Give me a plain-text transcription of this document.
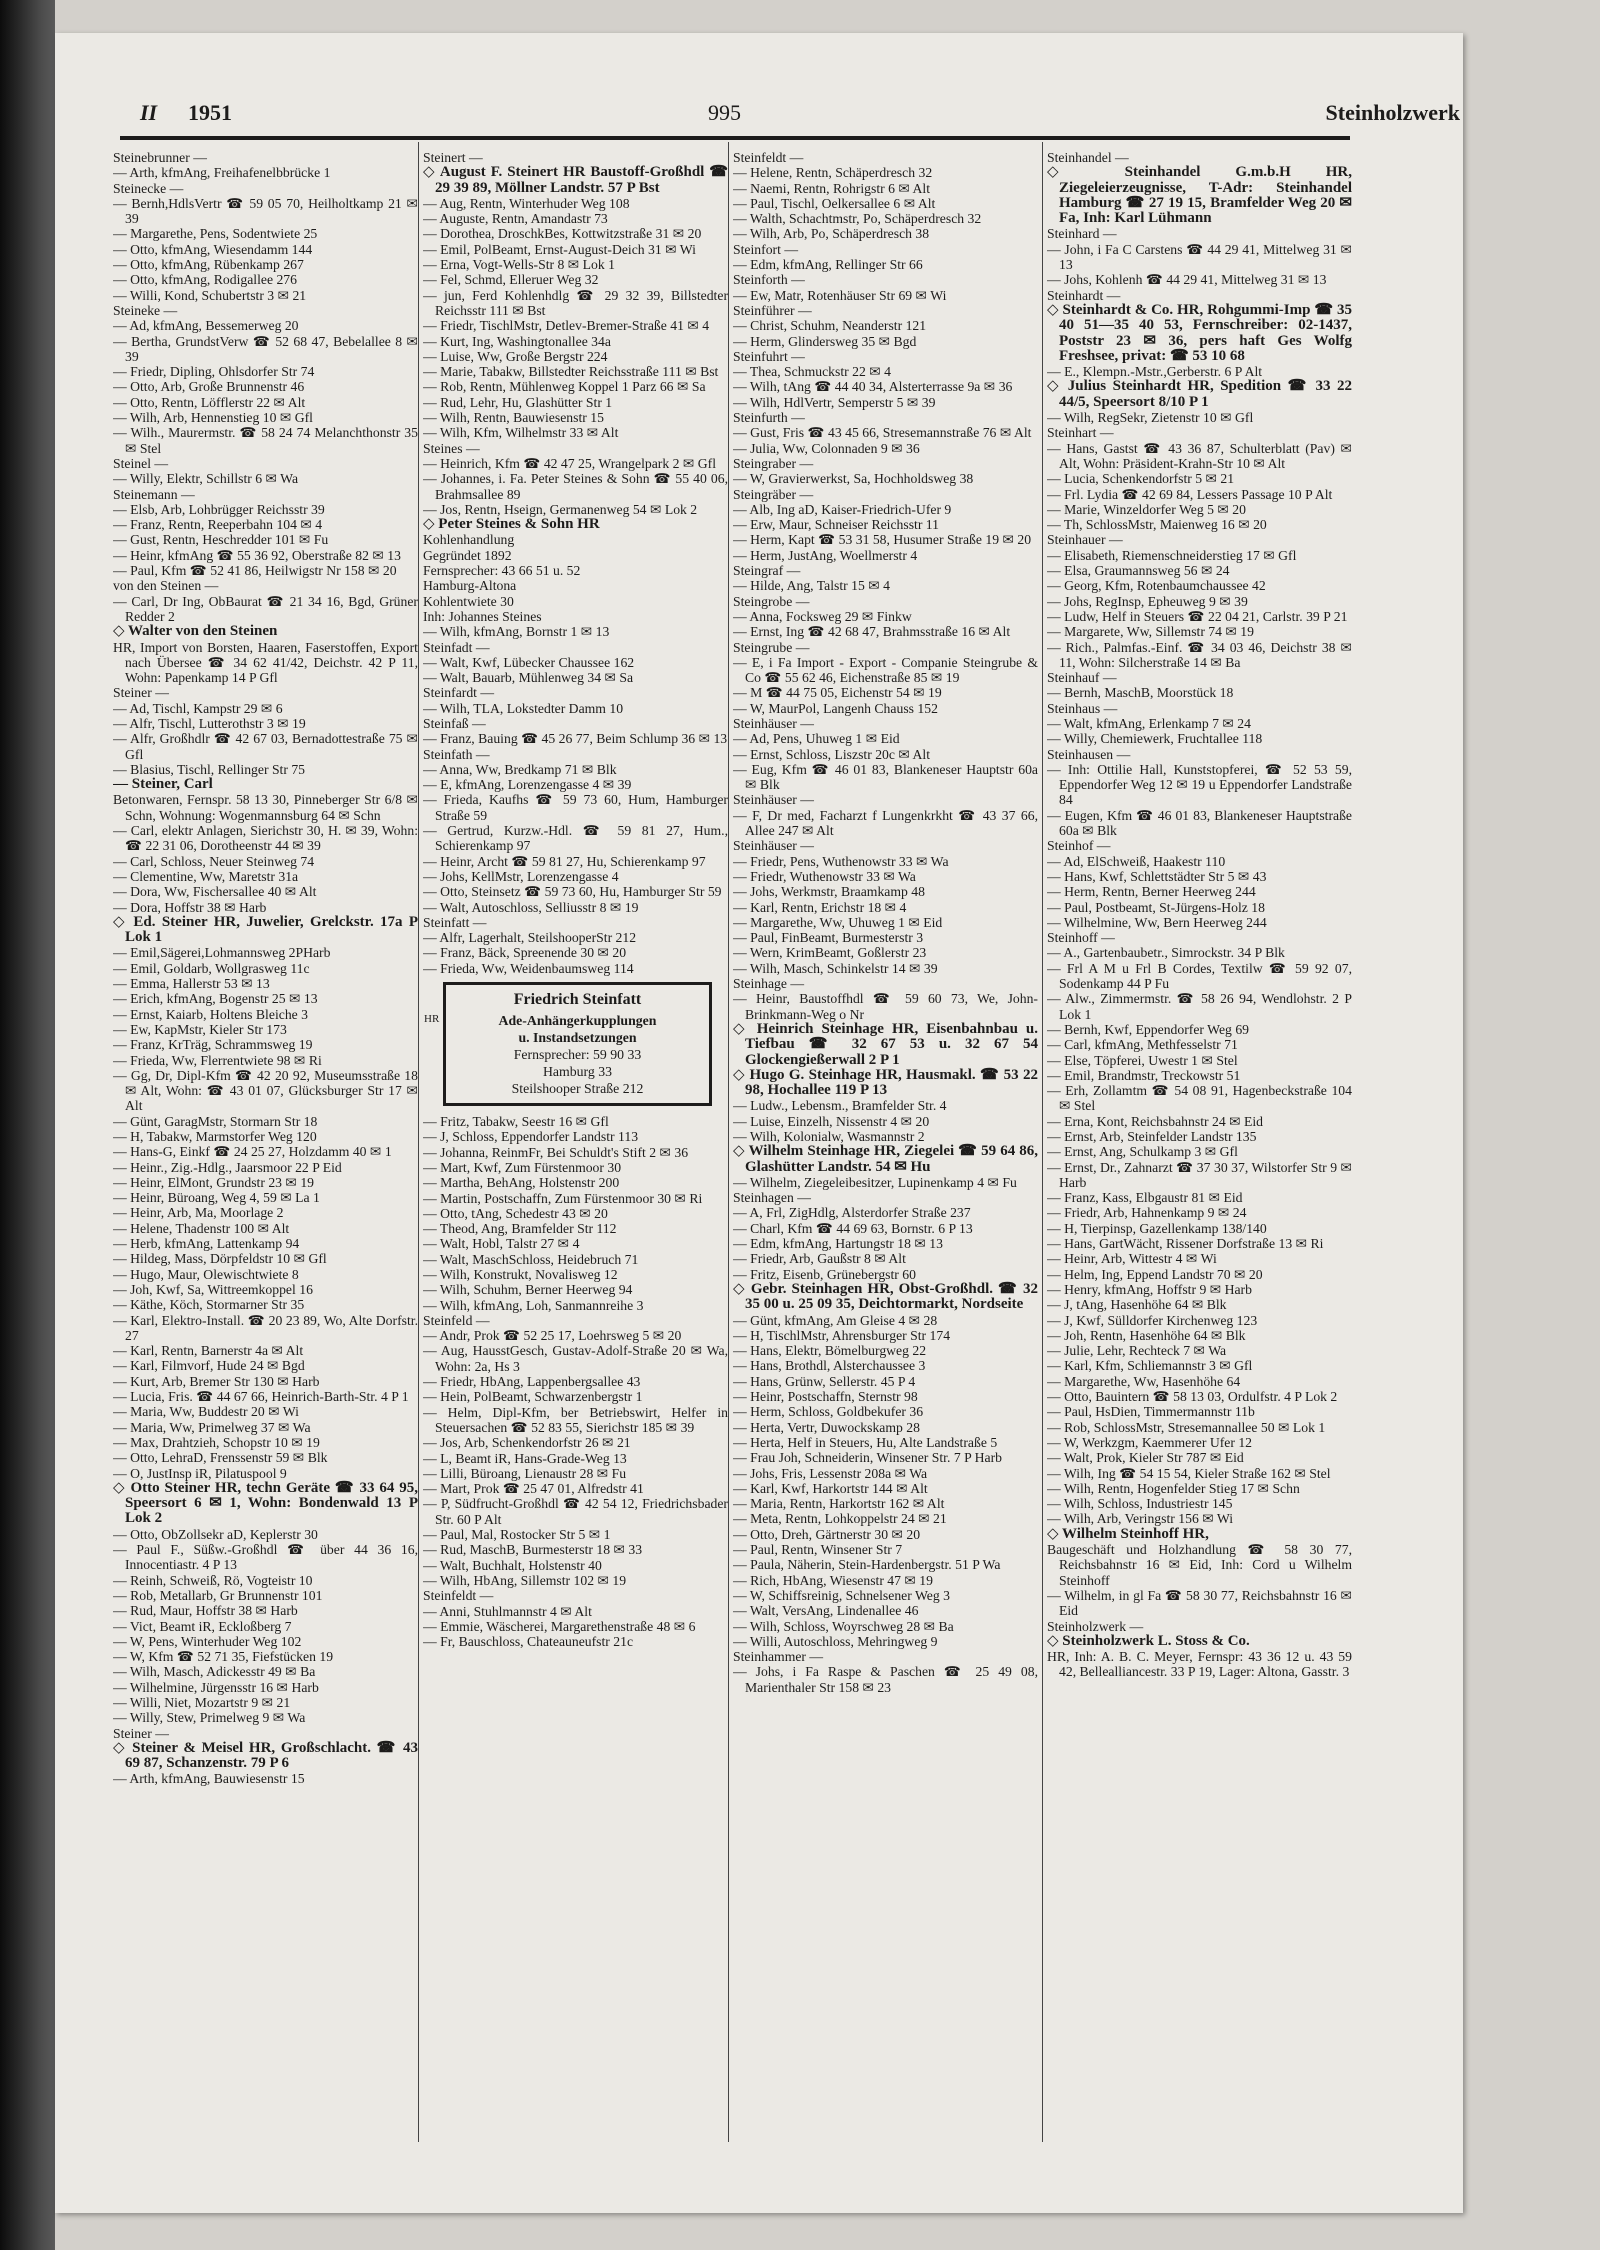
II 1951	995	Steinholzwerk

Steinebrunner —

— Arth, kfmAng, Freihafenelbbrücke 1

Steinecke —

— Bernh,HdlsVertr ☎ 59 05 70, Heilholtkamp 21 ✉ 39

— Margarethe, Pens, Sodentwiete 25

— Otto, kfmAng, Wiesendamm 144

— Otto, kfmAng, Rübenkamp 267

— Otto, kfmAng, Rodigallee 276

— Willi, Kond, Schubertstr 3 ✉ 21

Steineke —

— Ad, kfmAng, Bessemerweg 20

— Bertha, GrundstVerw ☎ 52 68 47, Bebelallee 8 ✉ 39

— Friedr, Dipling, Ohlsdorfer Str 74

— Otto, Arb, Große Brunnenstr 46

— Otto, Rentn, Löfflerstr 22 ✉ Alt

— Wilh, Arb, Hennenstieg 10 ✉ Gfl

— Wilh., Maurermstr. ☎ 58 24 74 Melanchthonstr 35 ✉ Stel

Steinel —

— Willy, Elektr, Schillstr 6 ✉ Wa

Steinemann —

— Elsb, Arb, Lohbrügger Reichsstr 39

— Franz, Rentn, Reeperbahn 104 ✉ 4

— Gust, Rentn, Heschredder 101 ✉ Fu

— Heinr, kfmAng ☎ 55 36 92, Oberstraße 82 ✉ 13

— Paul, Kfm ☎ 52 41 86, Heilwigstr Nr 158 ✉ 20

von den Steinen —

— Carl, Dr Ing, ObBaurat ☎ 21 34 16, Bgd, Grüner Redder 2

◇ Walter von den Steinen

HR, Import von Borsten, Haaren, Faserstoffen, Export nach Übersee ☎ 34 62 41/42, Deichstr. 42 P 11, Wohn: Papenkamp 14 P Gfl

Steiner —

— Ad, Tischl, Kampstr 29 ✉ 6

— Alfr, Tischl, Lutterothstr 3 ✉ 19

— Alfr, Großhdlr ☎ 42 67 03, Bernadottestraße 75 ✉ Gfl

— Blasius, Tischl, Rellinger Str 75

— Steiner, Carl

Betonwaren, Fernspr. 58 13 30, Pinneberger Str 6/8 ✉ Schn, Wohnung: Wogenmannsburg 64 ✉ Schn

— Carl, elektr Anlagen, Sierichstr 30, H. ✉ 39, Wohn: ☎ 22 31 06, Dorotheenstr 44 ✉ 39

— Carl, Schloss, Neuer Steinweg 74

— Clementine, Ww, Maretstr 31a

— Dora, Ww, Fischersallee 40 ✉ Alt

— Dora, Hoffstr 38 ✉ Harb

◇ Ed. Steiner HR, Juwelier, Grelckstr. 17a P Lok 1

— Emil,Sägerei,Lohmannsweg 2PHarb

— Emil, Goldarb, Wollgrasweg 11c

— Emma, Hallerstr 53 ✉ 13

— Erich, kfmAng, Bogenstr 25 ✉ 13

— Ernst, Kaiarb, Holtens Bleiche 3

— Ew, KapMstr, Kieler Str 173

— Franz, KrTräg, Schrammsweg 19

— Frieda, Ww, Flerrentwiete 98 ✉ Ri

— Gg, Dr, Dipl-Kfm ☎ 42 20 92, Museumsstraße 18 ✉ Alt, Wohn: ☎ 43 01 07, Glücksburger Str 17 ✉ Alt

— Günt, GaragMstr, Stormarn Str 18

— H, Tabakw, Marmstorfer Weg 120

— Hans-G, Einkf ☎ 24 25 27, Holzdamm 40 ✉ 1

— Heinr., Zig.-Hdlg., Jaarsmoor 22 P Eid

— Heinr, ElMont, Grundstr 23 ✉ 19

— Heinr, Büroang, Weg 4, 59 ✉ La 1

— Heinr, Arb, Ma, Moorlage 2

— Helene, Thadenstr 100 ✉ Alt

— Herb, kfmAng, Lattenkamp 94

— Hildeg, Mass, Dörpfeldstr 10 ✉ Gfl

— Hugo, Maur, Olewischtwiete 8

— Joh, Kwf, Sa, Wittreemkoppel 16

— Käthe, Köch, Stormarner Str 35

— Karl, Elektro-Install. ☎ 20 23 89, Wo, Alte Dorfstr. 27

— Karl, Rentn, Barnerstr 4a ✉ Alt

— Karl, Filmvorf, Hude 24 ✉ Bgd

— Kurt, Arb, Bremer Str 130 ✉ Harb

— Lucia, Fris. ☎ 44 67 66, Heinrich-Barth-Str. 4 P 1

— Maria, Ww, Buddestr 20 ✉ Wi

— Maria, Ww, Primelweg 37 ✉ Wa

— Max, Drahtzieh, Schopstr 10 ✉ 19

— Otto, LehraD, Frenssenstr 59 ✉ Blk

— O, JustInsp iR, Pilatuspool 9

◇ Otto Steiner HR, techn Geräte ☎ 33 64 95, Speersort 6 ✉ 1, Wohn: Bondenwald 13 P Lok 2

— Otto, ObZollsekr aD, Keplerstr 30

— Paul F., Süßw.-Großhdl ☎ über 44 36 16, Innocentiastr. 4 P 13

— Reinh, Schweiß, Rö, Vogteistr 10

— Rob, Metallarb, Gr Brunnenstr 101

— Rud, Maur, Hoffstr 38 ✉ Harb

— Vict, Beamt iR, Eckloßberg 7

— W, Pens, Winterhuder Weg 102

— W, Kfm ☎ 52 71 35, Fiefstücken 19

— Wilh, Masch, Adickesstr 49 ✉ Ba

— Wilhelmine, Jürgensstr 16 ✉ Harb

— Willi, Niet, Mozartstr 9 ✉ 21

— Willy, Stew, Primelweg 9 ✉ Wa

Steiner —

◇ Steiner & Meisel HR, Großschlacht. ☎ 43 69 87, Schanzenstr. 79 P 6

— Arth, kfmAng, Bauwiesenstr 15

Steinert —

◇ August F. Steinert HR Baustoff-Großhdl ☎ 29 39 89, Möllner Landstr. 57 P Bst

— Aug, Rentn, Winterhuder Weg 108

— Auguste, Rentn, Amandastr 73

— Dorothea, DroschkBes, Kottwitzstraße 31 ✉ 20

— Emil, PolBeamt, Ernst-August-Deich 31 ✉ Wi

— Erna, Vogt-Wells-Str 8 ✉ Lok 1

— Fel, Schmd, Elleruer Weg 32

— jun, Ferd Kohlenhdlg ☎ 29 32 39, Billstedter Reichsstr 111 ✉ Bst

— Friedr, TischlMstr, Detlev-Bremer-Straße 41 ✉ 4

— Kurt, Ing, Washingtonallee 34a

— Luise, Ww, Große Bergstr 224

— Marie, Tabakw, Billstedter Reichsstraße 111 ✉ Bst

— Rob, Rentn, Mühlenweg Koppel 1 Parz 66 ✉ Sa

— Rud, Lehr, Hu, Glashütter Str 1

— Wilh, Rentn, Bauwiesenstr 15

— Wilh, Kfm, Wilhelmstr 33 ✉ Alt

Steines —

— Heinrich, Kfm ☎ 42 47 25, Wrangelpark 2 ✉ Gfl

— Johannes, i. Fa. Peter Steines & Sohn ☎ 55 40 06, Brahmsallee 89

— Jos, Rentn, Hseign, Germanenweg 54 ✉ Lok 2

◇ Peter Steines & Sohn HR

Kohlenhandlung

Gegründet 1892

Fernsprecher: 43 66 51 u. 52

Hamburg-Altona

Kohlentwiete 30

Inh: Johannes Steines

— Wilh, kfmAng, Bornstr 1 ✉ 13

Steinfadt —

— Walt, Kwf, Lübecker Chaussee 162

— Walt, Bauarb, Mühlenweg 34 ✉ Sa

Steinfardt —

— Wilh, TLA, Lokstedter Damm 10

Steinfaß —

— Franz, Bauing ☎ 45 26 77, Beim Schlump 36 ✉ 13

Steinfath —

— Anna, Ww, Bredkamp 71 ✉ Blk

— E, kfmAng, Lorenzengasse 4 ✉ 39

— Frieda, Kaufhs ☎ 59 73 60, Hum, Hamburger Straße 59

— Gertrud, Kurzw.-Hdl. ☎ 59 81 27, Hum., Schierenkamp 97

— Heinr, Archt ☎ 59 81 27, Hu, Schierenkamp 97

— Johs, KellMstr, Lorenzengasse 4

— Otto, Steinsetz ☎ 59 73 60, Hu, Hamburger Str 59

— Walt, Autoschloss, Selliusstr 8 ✉ 19

Steinfatt —

— Alfr, Lagerhalt, SteilshooperStr 212

— Franz, Bäck, Spreenende 30 ✉ 20

— Frieda, Ww, Weidenbaumsweg 114

HR
Friedrich Steinfatt
Ade-Anhängerkupplungen
u. Instandsetzungen
Fernsprecher: 59 90 33
Hamburg 33
Steilshooper Straße 212

— Fritz, Tabakw, Seestr 16 ✉ Gfl

— J, Schloss, Eppendorfer Landstr 113

— Johanna, ReinmFr, Bei Schuldt's Stift 2 ✉ 36

— Mart, Kwf, Zum Fürstenmoor 30

— Martha, BehAng, Holstenstr 200

— Martin, Postschaffn, Zum Fürstenmoor 30 ✉ Ri

— Otto, tAng, Schedestr 43 ✉ 20

— Theod, Ang, Bramfelder Str 112

— Walt, Hobl, Talstr 27 ✉ 4

— Walt, MaschSchloss, Heidebruch 71

— Wilh, Konstrukt, Novalisweg 12

— Wilh, Schuhm, Berner Heerweg 94

— Wilh, kfmAng, Loh, Sanmannreihe 3

Steinfeld —

— Andr, Prok ☎ 52 25 17, Loehrsweg 5 ✉ 20

— Aug, HausstGesch, Gustav-Adolf-Straße 20 ✉ Wa, Wohn: 2a, Hs 3

— Friedr, HbAng, Lappenbergsallee 43

— Hein, PolBeamt, Schwarzenbergstr 1

— Helm, Dipl-Kfm, ber Betriebswirt, Helfer in Steuersachen ☎ 52 83 55, Sierichstr 185 ✉ 39

— Jos, Arb, Schenkendorfstr 26 ✉ 21

— L, Beamt iR, Hans-Grade-Weg 13

— Lilli, Büroang, Lienaustr 28 ✉ Fu

— Mart, Prok ☎ 25 47 01, Alfredstr 41

— P, Südfrucht-Großhdl ☎ 42 54 12, Friedrichsbader Str. 60 P Alt

— Paul, Mal, Rostocker Str 5 ✉ 1

— Rud, MaschB, Burmesterstr 18 ✉ 33

— Walt, Buchhalt, Holstenstr 40

— Wilh, HbAng, Sillemstr 102 ✉ 19

Steinfeldt —

— Anni, Stuhlmannstr 4 ✉ Alt

— Emmie, Wäscherei, Margarethenstraße 48 ✉ 6

— Fr, Bauschloss, Chateaunеufstr 21c

Steinfeldt —

— Helene, Rentn, Schäperdresch 32

— Naemi, Rentn, Rohrigstr 6 ✉ Alt

— Paul, Tischl, Oelkersallee 6 ✉ Alt

— Walth, Schachtmstr, Po, Schäperdresch 32

— Wilh, Arb, Po, Schäperdresch 38

Steinfort —

— Edm, kfmAng, Rellinger Str 66

Steinforth —

— Ew, Matr, Rotenhäuser Str 69 ✉ Wi

Steinführer —

— Christ, Schuhm, Neanderstr 121

— Herm, Glindersweg 35 ✉ Bgd

Steinfuhrt —

— Thea, Schmuckstr 22 ✉ 4

— Wilh, tAng ☎ 44 40 34, Alsterterrasse 9a ✉ 36

— Wilh, HdlVertr, Semperstr 5 ✉ 39

Steinfurth —

— Gust, Fris ☎ 43 45 66, Stresemannstraße 76 ✉ Alt

— Julia, Ww, Colonnaden 9 ✉ 36

Steingraber —

— W, Gravierwerkst, Sa, Hochholdsweg 38

Steingräber —

— Alb, Ing aD, Kaiser-Friedrich-Ufer 9

— Erw, Maur, Schneiser Reichsstr 11

— Herm, Kapt ☎ 53 31 58, Husumer Straße 19 ✉ 20

— Herm, JustAng, Woellmerstr 4

Steingraf —

— Hilde, Ang, Talstr 15 ✉ 4

Steingrobe —

— Anna, Focksweg 29 ✉ Finkw

— Ernst, Ing ☎ 42 68 47, Brahmsstraße 16 ✉ Alt

Steingrube —

— E, i Fa Import - Export - Companie Steingrube & Co ☎ 55 62 46, Eichenstraße 85 ✉ 19

— M ☎ 44 75 05, Eichenstr 54 ✉ 19

— W, MaurPol, Langenh Chauss 152

Steinhäuser —

— Ad, Pens, Uhuweg 1 ✉ Eid

— Ernst, Schloss, Liszstr 20c ✉ Alt

— Eug, Kfm ☎ 46 01 83, Blankeneser Hauptstr 60a ✉ Blk

Steinhäuser —

— F, Dr med, Facharzt f Lungenkrkht ☎ 43 37 66, Allee 247 ✉ Alt

Steinhäuser —

— Friedr, Pens, Wuthenowstr 33 ✉ Wa

— Friedr, Wuthenowstr 33 ✉ Wa

— Johs, Werkmstr, Braamkamp 48

— Karl, Rentn, Erichstr 18 ✉ 4

— Margarethe, Ww, Uhuweg 1 ✉ Eid

— Paul, FinBeamt, Burmesterstr 3

— Wern, KrimBeamt, Goßlerstr 23

— Wilh, Masch, Schinkelstr 14 ✉ 39

Steinhage —

— Heinr, Baustoffhdl ☎ 59 60 73, We, John-Brinkmann-Weg o Nr

◇ Heinrich Steinhage HR, Eisenbahnbau u. Tiefbau ☎ 32 67 53 u. 32 67 54 Glockengießerwall 2 P 1

◇ Hugo G. Steinhage HR, Hausmakl. ☎ 53 22 98, Hochallee 119 P 13

— Ludw., Lebensm., Bramfelder Str. 4

— Luise, Einzelh, Nissenstr 4 ✉ 20

— Wilh, Kolonialw, Wasmannstr 2

◇ Wilhelm Steinhage HR, Ziegelei ☎ 59 64 86, Glashütter Landstr. 54 ✉ Hu

— Wilhelm, Ziegeleibesitzer, Lupinenkamp 4 ✉ Fu

Steinhagen —

— A, Frl, ZigHdlg, Alsterdorfer Straße 237

— Charl, Kfm ☎ 44 69 63, Bornstr. 6 P 13

— Edm, kfmAng, Hartungstr 18 ✉ 13

— Friedr, Arb, Gaußstr 8 ✉ Alt

— Fritz, Eisenb, Grünebergstr 60

◇ Gebr. Steinhagen HR, Obst-Großhdl. ☎ 32 35 00 u. 25 09 35, Deichtormarkt, Nordseite

— Günt, kfmAng, Am Gleise 4 ✉ 28

— H, TischlMstr, Ahrensburger Str 174

— Hans, Elektr, Bömelburgweg 22

— Hans, Brothdl, Alsterchaussee 3

— Hans, Grünw, Sellerstr. 45 P 4

— Heinr, Postschaffn, Sternstr 98

— Herm, Schloss, Goldbekufer 36

— Herta, Vertr, Duwockskamp 28

— Herta, Helf in Steuers, Hu, Alte Landstraße 5

— Frau Joh, Schneiderin, Winsener Str. 7 P Harb

— Johs, Fris, Lessenstr 208a ✉ Wa

— Karl, Kwf, Harkortstr 144 ✉ Alt

— Maria, Rentn, Harkortstr 162 ✉ Alt

— Meta, Rentn, Lohkoppelstr 24 ✉ 21

— Otto, Dreh, Gärtnerstr 30 ✉ 20

— Paul, Rentn, Winsener Str 7

— Paula, Näherin, Stein-Hardenbergstr. 51 P Wa

— Rich, HbAng, Wiesenstr 47 ✉ 19

— W, Schiffsreinig, Schnelsener Weg 3

— Walt, VersAng, Lindenallee 46

— Wilh, Schloss, Woyrschweg 28 ✉ Ba

— Willi, Autoschloss, Mehringweg 9

Steinhammer —

— Johs, i Fa Raspe & Paschen ☎ 25 49 08, Marienthaler Str 158 ✉ 23

Steinhandel —

◇ Steinhandel G.m.b.H HR, Ziegeleierzeugnisse, T-Adr: Steinhandel Hamburg ☎ 27 19 15, Bramfelder Weg 20 ✉ Fa, Inh: Karl Lühmann

Steinhard —

— John, i Fa C Carstens ☎ 44 29 41, Mittelweg 31 ✉ 13

— Johs, Kohlenh ☎ 44 29 41, Mittelweg 31 ✉ 13

Steinhardt —

◇ Steinhardt & Co. HR, Rohgummi-Imp ☎ 35 40 51—35 40 53, Fernschreiber: 02-1437, Poststr 23 ✉ 36, pers haft Ges Wolfg Freshsee, privat: ☎ 53 10 68

— E., Klempn.-Mstr.,Gerberstr. 6 P Alt

◇ Julius Steinhardt HR, Spedition ☎ 33 22 44/5, Speersort 8/10 P 1

— Wilh, RegSekr, Zietenstr 10 ✉ Gfl

Steinhart —

— Hans, Gastst ☎ 43 36 87, Schulterblatt (Pav) ✉ Alt, Wohn: Präsident-Krahn-Str 10 ✉ Alt

— Lucia, Schenkendorfstr 5 ✉ 21

— Frl. Lydia ☎ 42 69 84, Lessers Passage 10 P Alt

— Marie, Winzeldorfer Weg 5 ✉ 20

— Th, SchlossMstr, Maienweg 16 ✉ 20

Steinhauer —

— Elisabeth, Riemenschneiderstieg 17 ✉ Gfl

— Elsa, Graumannsweg 56 ✉ 24

— Georg, Kfm, Rotenbaumchaussee 42

— Johs, RegInsp, Epheuweg 9 ✉ 39

— Ludw, Helf in Steuers ☎ 22 04 21, Carlstr. 39 P 21

— Margarete, Ww, Sillemstr 74 ✉ 19

— Rich., Palmfas.-Einf. ☎ 34 03 46, Deichstr 38 ✉ 11, Wohn: Silcherstraße 14 ✉ Ba

Steinhauf —

— Bernh, MaschB, Moorstück 18

Steinhaus —

— Walt, kfmAng, Erlenkamp 7 ✉ 24

— Willy, Chemiewerk, Fruchtallee 118

Steinhausen —

— Inh: Ottilie Hall, Kunststopferei, ☎ 52 53 59, Eppendorfer Weg 12 ✉ 19 u Eppendorfer Landstraße 84

— Eugen, Kfm ☎ 46 01 83, Blankeneser Hauptstraße 60a ✉ Blk

Steinhof —

— Ad, ElSchweiß, Haakestr 110

— Hans, Kwf, Schlettstädter Str 5 ✉ 43

— Herm, Rentn, Berner Heerweg 244

— Paul, Postbeamt, St-Jürgens-Holz 18

— Wilhelmine, Ww, Bern Heerweg 244

Steinhoff —

— A., Gartenbaubetr., Simrockstr. 34 P Blk

— Frl A M u Frl B Cordes, Textilw ☎ 59 92 07, Sodenkamp 44 P Fu

— Alw., Zimmermstr. ☎ 58 26 94, Wendlohstr. 2 P Lok 1

— Bernh, Kwf, Eppendorfer Weg 69

— Carl, kfmAng, Methfesselstr 71

— Else, Töpferei, Uwestr 1 ✉ Stel

— Emil, Brandmstr, Treсkowstr 51

— Erh, Zollamtm ☎ 54 08 91, Hagenbeckstraße 104 ✉ Stel

— Erna, Kont, Reichsbahnstr 24 ✉ Eid

— Ernst, Arb, Steinfelder Landstr 135

— Ernst, Ang, Schulkamp 3 ✉ Gfl

— Ernst, Dr., Zahnarzt ☎ 37 30 37, Wilstorfer Str 9 ✉ Harb

— Franz, Kass, Elbgaustr 81 ✉ Eid

— Friedr, Arb, Hahnenkamp 9 ✉ 24

— H, Tierpinsp, Gazellenkamp 138/140

— Hans, GartWächt, Rissener Dorfstraße 13 ✉ Ri

— Heinr, Arb, Wittestr 4 ✉ Wi

— Helm, Ing, Eppend Landstr 70 ✉ 20

— Henry, kfmAng, Hoffstr 9 ✉ Harb

— J, tAng, Hasenhöhe 64 ✉ Blk

— J, Kwf, Sülldorfer Kirchenweg 123

— Joh, Rentn, Hasenhöhe 64 ✉ Blk

— Julie, Lehr, Rechteck 7 ✉ Wa

— Karl, Kfm, Schliemannstr 3 ✉ Gfl

— Margarethe, Ww, Hasenhöhe 64

— Otto, Bauintern ☎ 58 13 03, Ordulfstr. 4 P Lok 2

— Paul, HsDien, Timmermannstr 11b

— Rob, SchlossMstr, Stresemannallee 50 ✉ Lok 1

— W, Werkzgm, Kaemmerer Ufer 12

— Walt, Prok, Kieler Str 787 ✉ Eid

— Wilh, Ing ☎ 54 15 54, Kieler Straße 162 ✉ Stel

— Wilh, Rentn, Hogenfelder Stieg 17 ✉ Schn

— Wilh, Schloss, Industriestr 145

— Wilh, Arb, Veringstr 156 ✉ Wi

◇ Wilhelm Steinhoff HR,

Baugeschäft und Holzhandlung ☎ 58 30 77, Reichsbahnstr 16 ✉ Eid, Inh: Cord u Wilhelm Steinhoff

— Wilhelm, in gl Fa ☎ 58 30 77, Reichsbahnstr 16 ✉ Eid

Steinholzwerk —

◇ Steinholzwerk L. Stoss & Co.

HR, Inh: A. B. C. Meyer, Fernspr: 43 36 12 u. 43 59 42, Belleallianсestr. 33 P 19, Lager: Altona, Gasstr. 3
